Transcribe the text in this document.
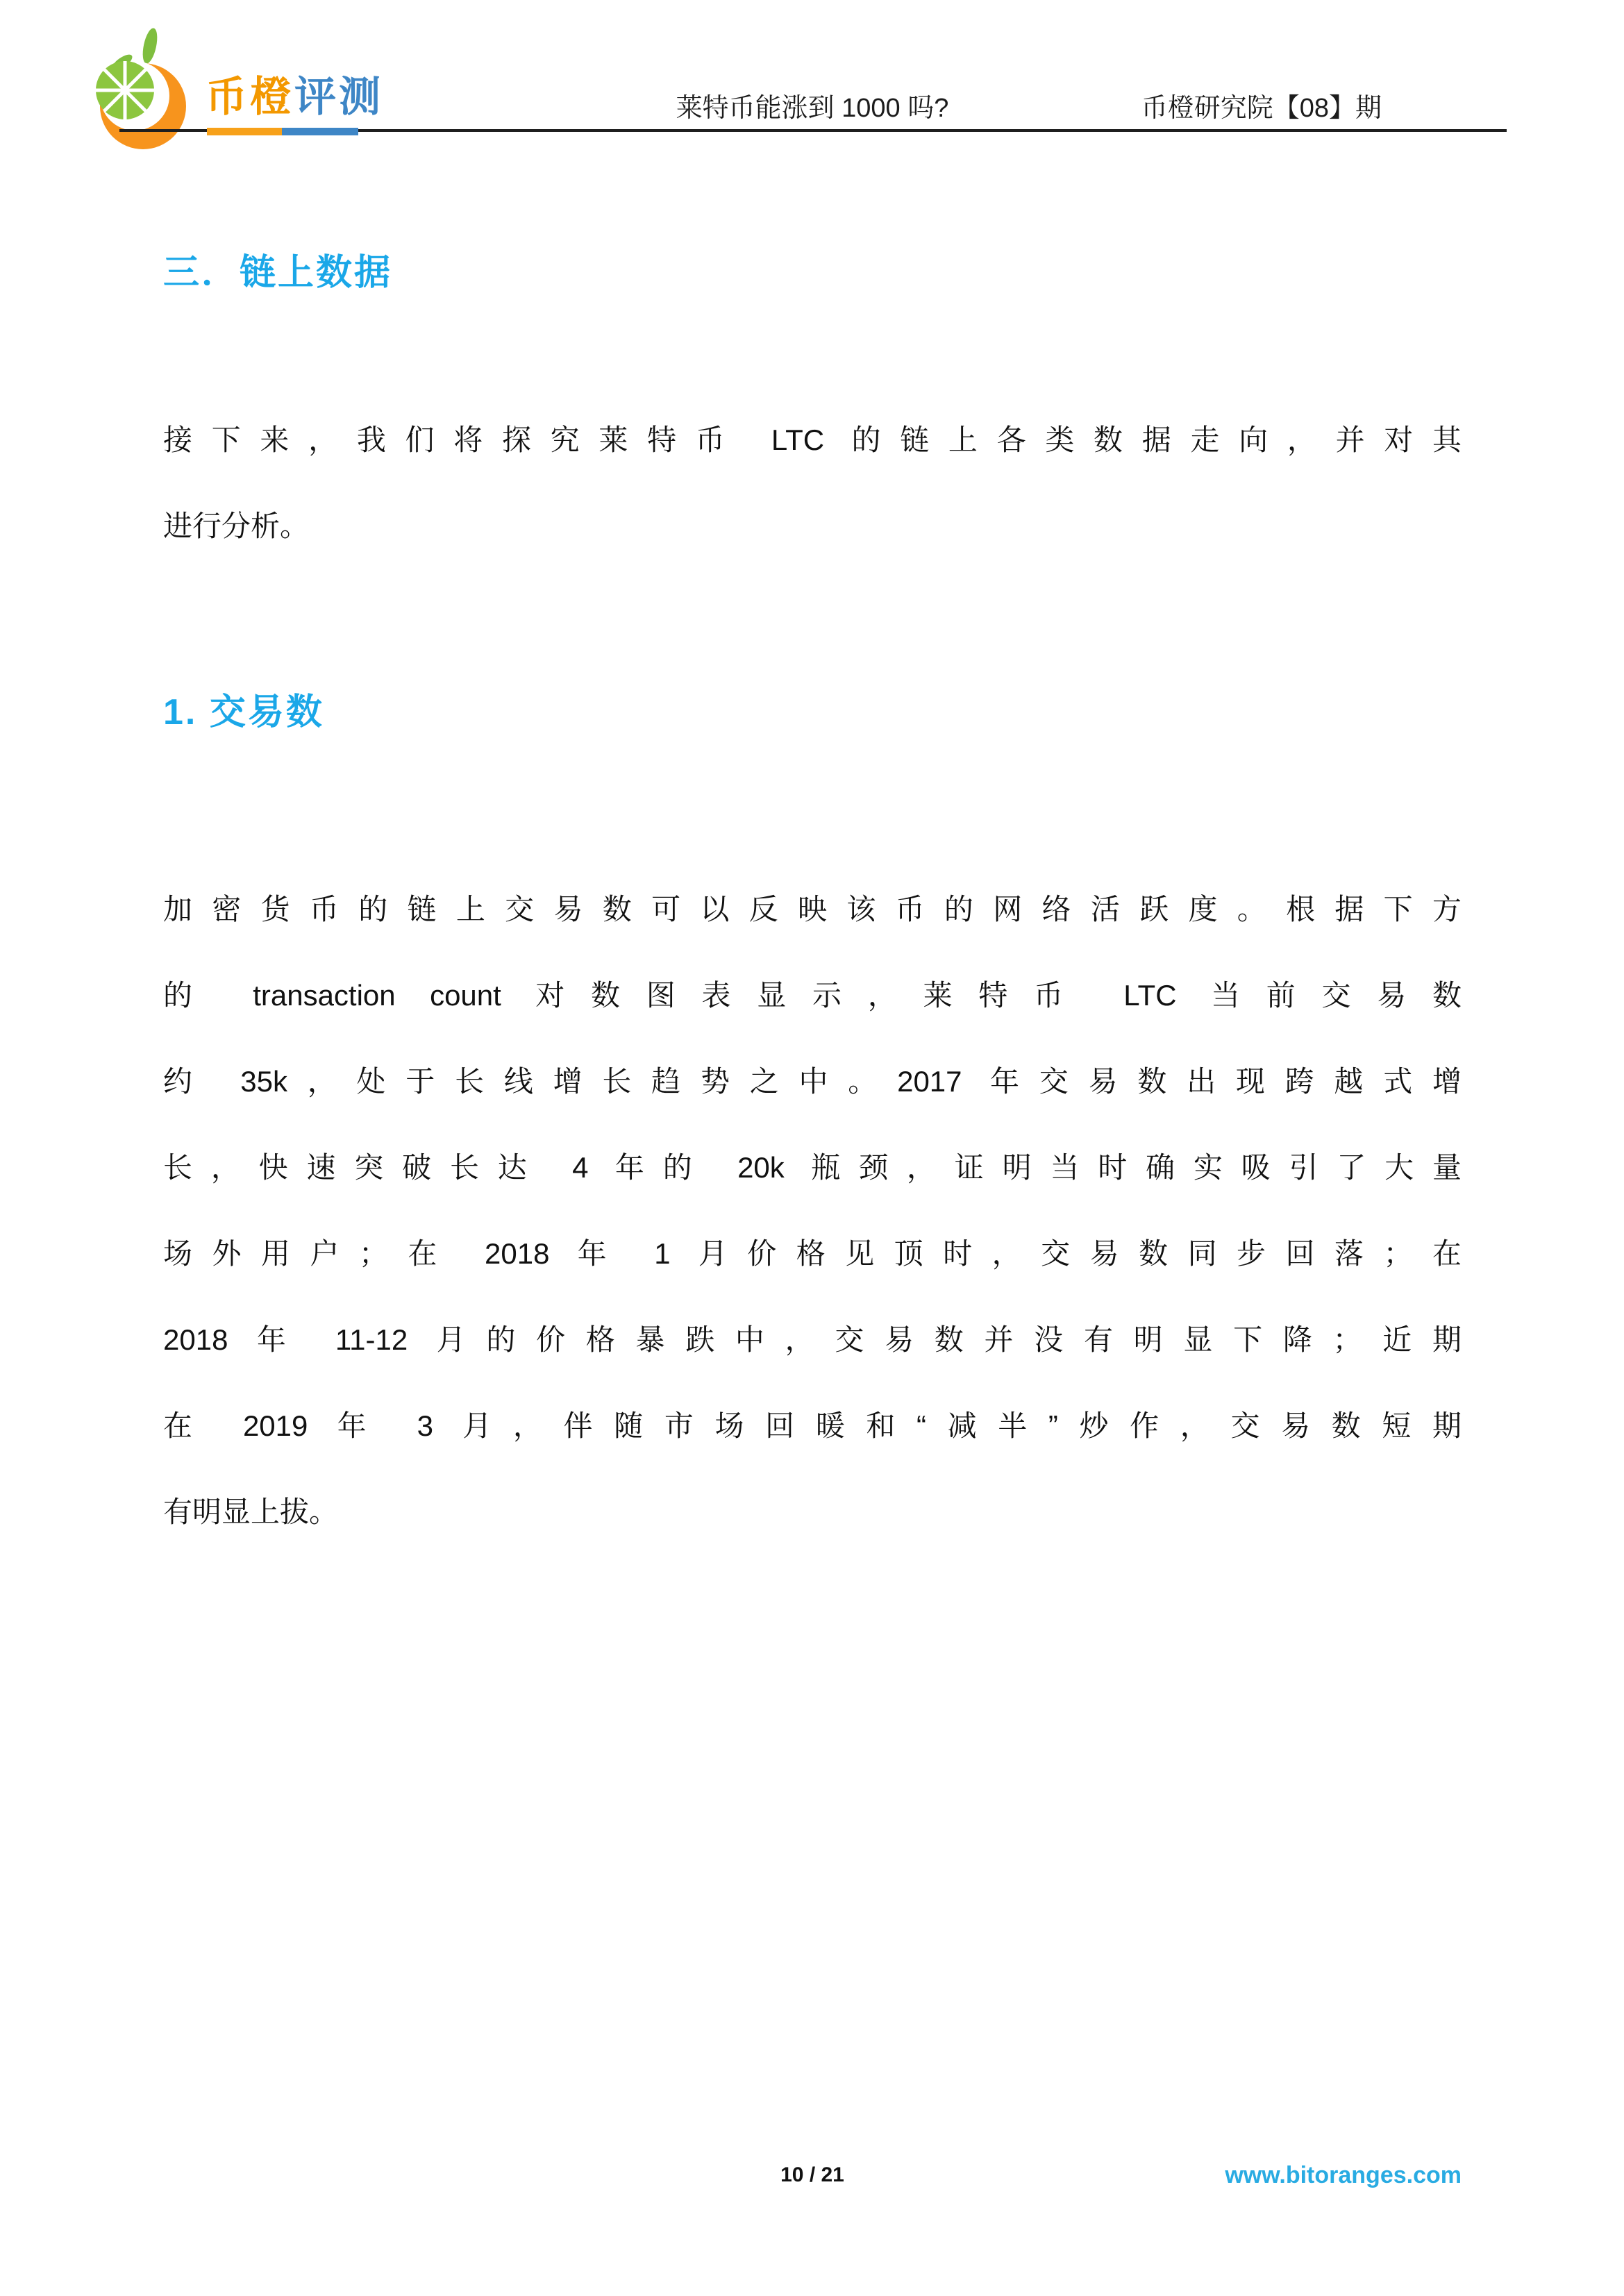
币橙评测	莱特币能涨到 1000 吗?	币橙研究院【08】期
三．链上数据
接下来，我们将探究莱特币 LTC 的链上各类数据走向，并对其
进行分析。
1. 交易数
加密货币的链上交易数可以反映该币的网络活跃度。根据下方
的 transaction count 对数图表显示，莱特币 LTC 当前交易数
约 35k，处于长线增长趋势之中。2017 年交易数出现跨越式增
长，快速突破长达 4 年的 20k 瓶颈，证明当时确实吸引了大量
场外用户；在 2018 年 1 月价格见顶时，交易数同步回落；在
2018 年 11-12 月的价格暴跌中，交易数并没有明显下降；近期
在 2019 年 3 月，伴随市场回暖和“减半”炒作，交易数短期
有明显上拔。
10 / 21	www.bitoranges.com
